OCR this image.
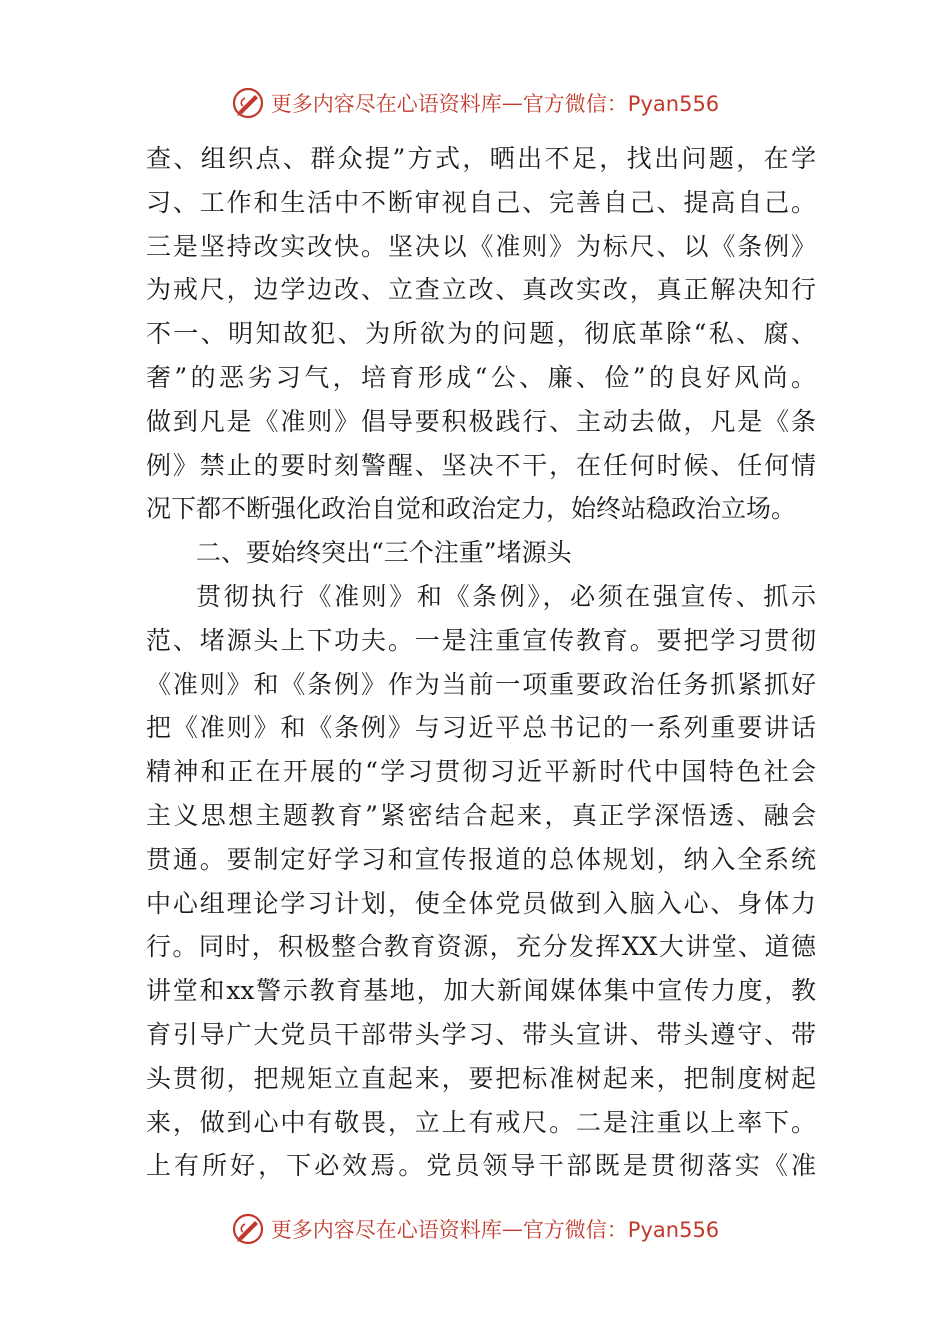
更多内容尽在心语资料库 — 官方微信：Pyan556
查、组织点、群众提”方式，晒出不足，找出问题，在学
习、工作和生活中不断审视自己、完善自己、提高自己。
三是坚持改实改快。坚决以《准则》为标尺、以《条例》
为戒尺，边学边改、立查立改、真改实改，真正解决知行
不一、明知故犯、为所欲为的问题，彻底革除“私、腐、
奢”的恶劣习气，培育形成“公、廉、俭”的良好风尚。
做到凡是《准则》倡导要积极践行、主动去做，凡是《条
例》禁止的要时刻警醒、坚决不干，在任何时候、任何情
况下都不断强化政治自觉和政治定力，始终站稳政治立场。
二、要始终突出“三个注重”堵源头
贯彻执行《准则》和《条例》，必须在强宣传、抓示
范、堵源头上下功夫。一是注重宣传教育。要把学习贯彻
《准则》和《条例》作为当前一项重要政治任务抓紧抓好
把《准则》和《条例》与习近平总书记的一系列重要讲话
精神和正在开展的“学习贯彻习近平新时代中国特色社会
主义思想主题教育”紧密结合起来，真正学深悟透、融会
贯通。要制定好学习和宣传报道的总体规划，纳入全系统
中心组理论学习计划，使全体党员做到入脑入心、身体力
行。同时，积极整合教育资源，充分发挥XX大讲堂、道德
讲堂和xx警示教育基地，加大新闻媒体集中宣传力度，教
育引导广大党员干部带头学习、带头宣讲、带头遵守、带
头贯彻，把规矩立直起来，要把标准树起来，把制度树起
来，做到心中有敬畏，立上有戒尺。二是注重以上率下。
上有所好，下必效焉。党员领导干部既是贯彻落实《准
更多内容尽在心语资料库 — 官方微信：Pyan556
